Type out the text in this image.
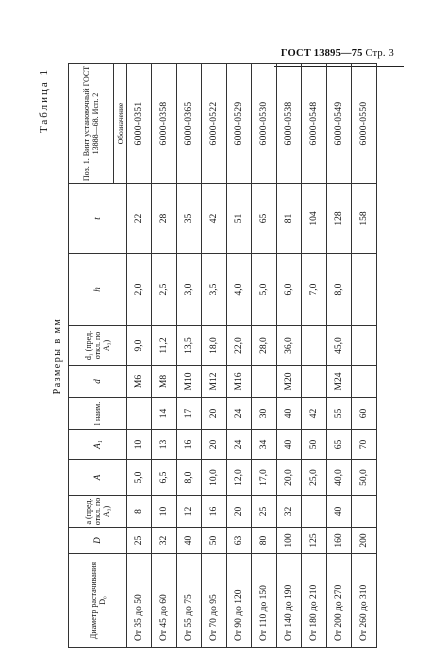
ГОСТ 13895—75 Стр. 3
Таблица 1
Размеры в мм
Диаметр растачивания D₀	D	a (пред. откл. по A₃)	A	A₁	l наим.	d	d₁ (пред. откл. по A₃)	h	t	Поз. 1. Винт установочный ГОСТ 13888—68. Исп. 2
										Обозначение
От 35 до 50	25	8	5,0	10		М6	9,0	2,0	22	6000-0351
От 45 до 60	32	10	6,5	13	14	М8	11,2	2,5	28	6000-0358
От 55 до 75	40	12	8,0	16	17	М10	13,5	3,0	35	6000-0365
От 70 до 95	50	16	10,0	20	20	М12	18,0	3,5	42	6000-0522
От 90 до 120	63	20	12,0	24	24	М16	22,0	4,0	51	6000-0529
От 110 до 150	80	25	17,0	34	30		28,0	5,0	65	6000-0530
От 140 до 190	100	32	20,0	40	40	М20	36,0	6,0	81	6000-0538
От 180 до 210	125		25,0	50	42			7,0	104	6000-0548
От 200 до 270	160	40	40,0	65	55	М24	45,0	8,0	128	6000-0549
От 260 до 310	200		50,0	70	60				158	6000-0550
